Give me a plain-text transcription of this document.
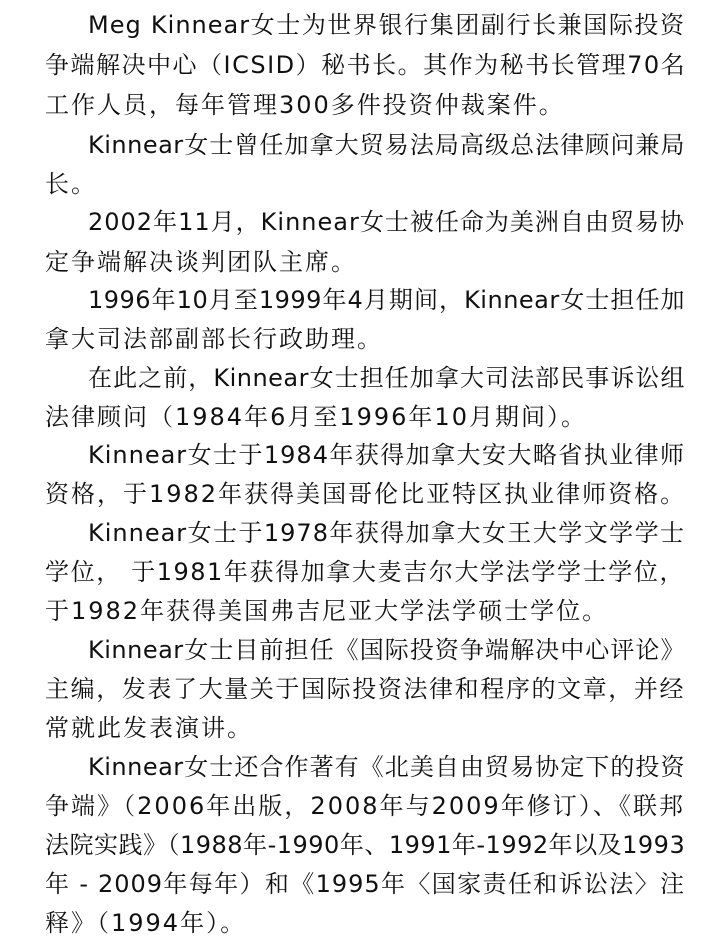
Meg Kinnear女士为世界银行集团副行长兼国际投资
争端解决中心（ICSID）秘书长。其作为秘书长管理70名
工作人员，每年管理300多件投资仲裁案件。
Kinnear女士曾任加拿大贸易法局高级总法律顾问兼局
长。
2002年11月，Kinnear女士被任命为美洲自由贸易协
定争端解决谈判团队主席。
1996年10月至1999年4月期间，Kinnear女士担任加
拿大司法部副部长行政助理。
在此之前，Kinnear女士担任加拿大司法部民事诉讼组
法律顾问（1984年6月至1996年10月期间）。
Kinnear女士于1984年获得加拿大安大略省执业律师
资格，于1982年获得美国哥伦比亚特区执业律师资格。
Kinnear女士于1978年获得加拿大女王大学文学学士
学位， 于1981年获得加拿大麦吉尔大学法学学士学位，
于1982年获得美国弗吉尼亚大学法学硕士学位。
Kinnear女士目前担任《国际投资争端解决中心评论》
主编，发表了大量关于国际投资法律和程序的文章，并经
常就此发表演讲。
Kinnear女士还合作著有《北美自由贸易协定下的投资
争端》（2006年出版，2008年与2009年修订）、《联邦
法院实践》（1988年-1990年、1991年-1992年以及1993
年 - 2009年每年）和《1995年〈国家责任和诉讼法〉注
释》（1994年）。
